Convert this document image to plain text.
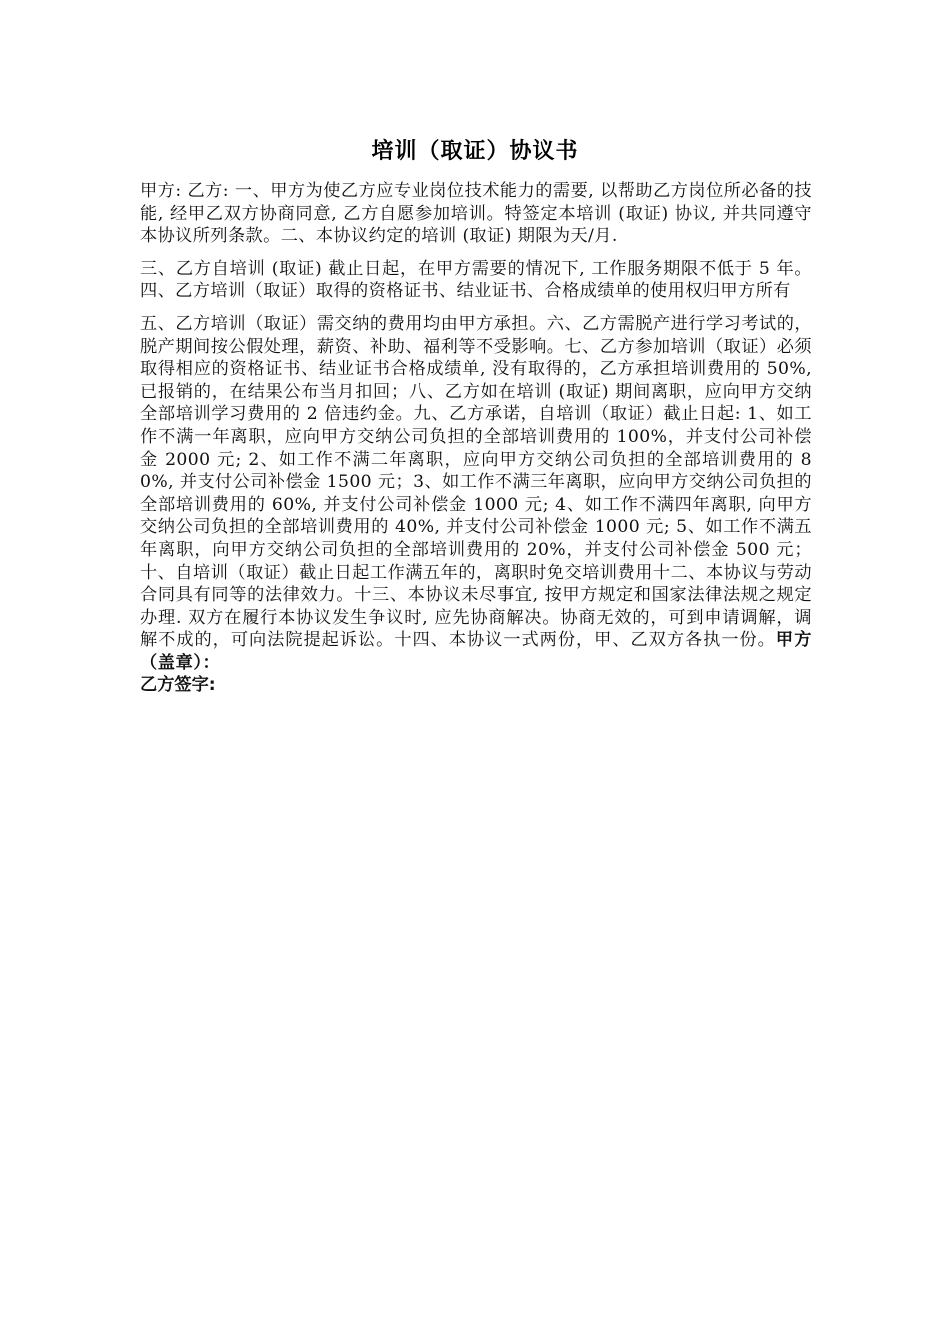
培训（取证）协议书

甲方: 乙方: 一、甲方为使乙方应专业岗位技术能力的需要, 以帮助乙方岗位所必备的技能, 经甲乙双方协商同意, 乙方自愿参加培训。特签定本培训 (取证) 协议, 并共同遵守本协议所列条款。二、本协议约定的培训 (取证) 期限为天/月.

三、乙方自培训 (取证) 截止日起，在甲方需要的情况下, 工作服务期限不低于 5 年。四、乙方培训（取证）取得的资格证书、结业证书、合格成绩单的使用权归甲方所有

五、乙方培训（取证）需交纳的费用均由甲方承担。六、乙方需脱产进行学习考试的，脱产期间按公假处理，薪资、补助、福利等不受影响。七、乙方参加培训（取证）必须取得相应的资格证书、结业证书合格成绩单, 没有取得的，乙方承担培训费用的 50%, 已报销的，在结果公布当月扣回；八、乙方如在培训 (取证) 期间离职，应向甲方交纳全部培训学习费用的 2 倍违约金。九、乙方承诺，自培训（取证）截止日起: 1、如工作不满一年离职，应向甲方交纳公司负担的全部培训费用的 100%，并支付公司补偿金 2000 元; 2、如工作不满二年离职，应向甲方交纳公司负担的全部培训费用的 80%, 并支付公司补偿金 1500 元；3、如工作不满三年离职，应向甲方交纳公司负担的全部培训费用的 60%, 并支付公司补偿金 1000 元; 4、如工作不满四年离职, 向甲方交纳公司负担的全部培训费用的 40%, 并支付公司补偿金 1000 元; 5、如工作不满五年离职，向甲方交纳公司负担的全部培训费用的 20%，并支付公司补偿金 500 元；十、自培训（取证）截止日起工作满五年的，离职时免交培训费用十二、本协议与劳动合同具有同等的法律效力。十三、本协议未尽事宜, 按甲方规定和国家法律法规之规定办理. 双方在履行本协议发生争议时, 应先协商解决。协商无效的，可到申请调解，调解不成的，可向法院提起诉讼。十四、本协议一式两份，甲、乙双方各执一份。甲方（盖章）：

乙方签字:
